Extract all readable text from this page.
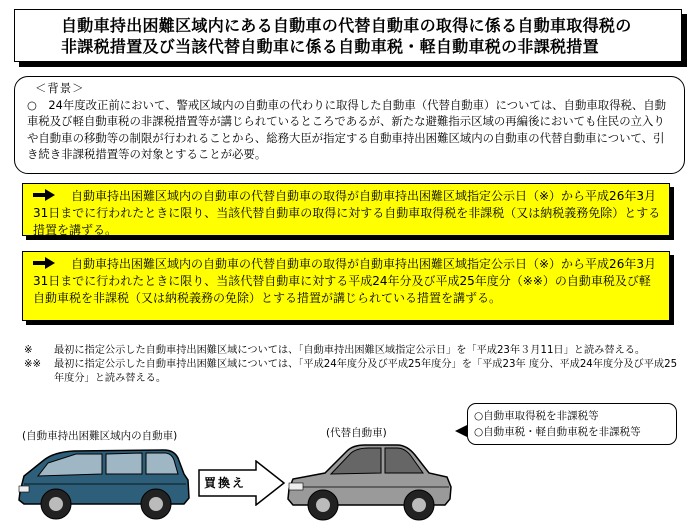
自動車持出困難区域内にある自動車の代替自動車の取得に係る自動車取得税の
非課税措置及び当該代替自動車に係る自動車税・軽自動車税の非課税措置
＜背景＞
○　24年度改正前において、警戒区域内の自動車の代わりに取得した自動車（代替自動車）については、自動車取得税、自動車税及び軽自動車税の非課税措置等が講じられているところであるが、新たな避難指示区域の再編後においても住民の立入りや自動車の移動等の制限が行われることから、総務大臣が指定する自動車持出困難区域内の自動車の代替自動車について、引き続き非課税措置等の対象とすることが必要。
自動車持出困難区域内の自動車の代替自動車の取得が自動車持出困難区域指定公示日（※）から平成26年3月31日までに行われたときに限り、当該代替自動車の取得に対する自動車取得税を非課税（又は納税義務免除）とする措置を講ずる。
自動車持出困難区域内の自動車の代替自動車の取得が自動車持出困難区域指定公示日（※）から平成26年3月31日までに行われたときに限り、当該代替自動車に対する平成24年分及び平成25年度分（※※）の自動車税及び軽自動車税を非課税（又は納税義務の免除）とする措置が講じられている措置を講ずる。
※	最初に指定公示した自動車持出困難区域については、「自動車持出困難区域指定公示日」を「平成23年３月11日」と読み替える。
※※	最初に指定公示した自動車持出困難区域については、「平成24年度分及び平成25年度分」を「平成23年 度分、平成24年度分及び平成25年度分」と読み替える。
(自動車持出困難区域内の自動車)	(代替自動車)
○自動車取得税を非課税等
○自動車税・軽自動車税を非課税等
買換え
